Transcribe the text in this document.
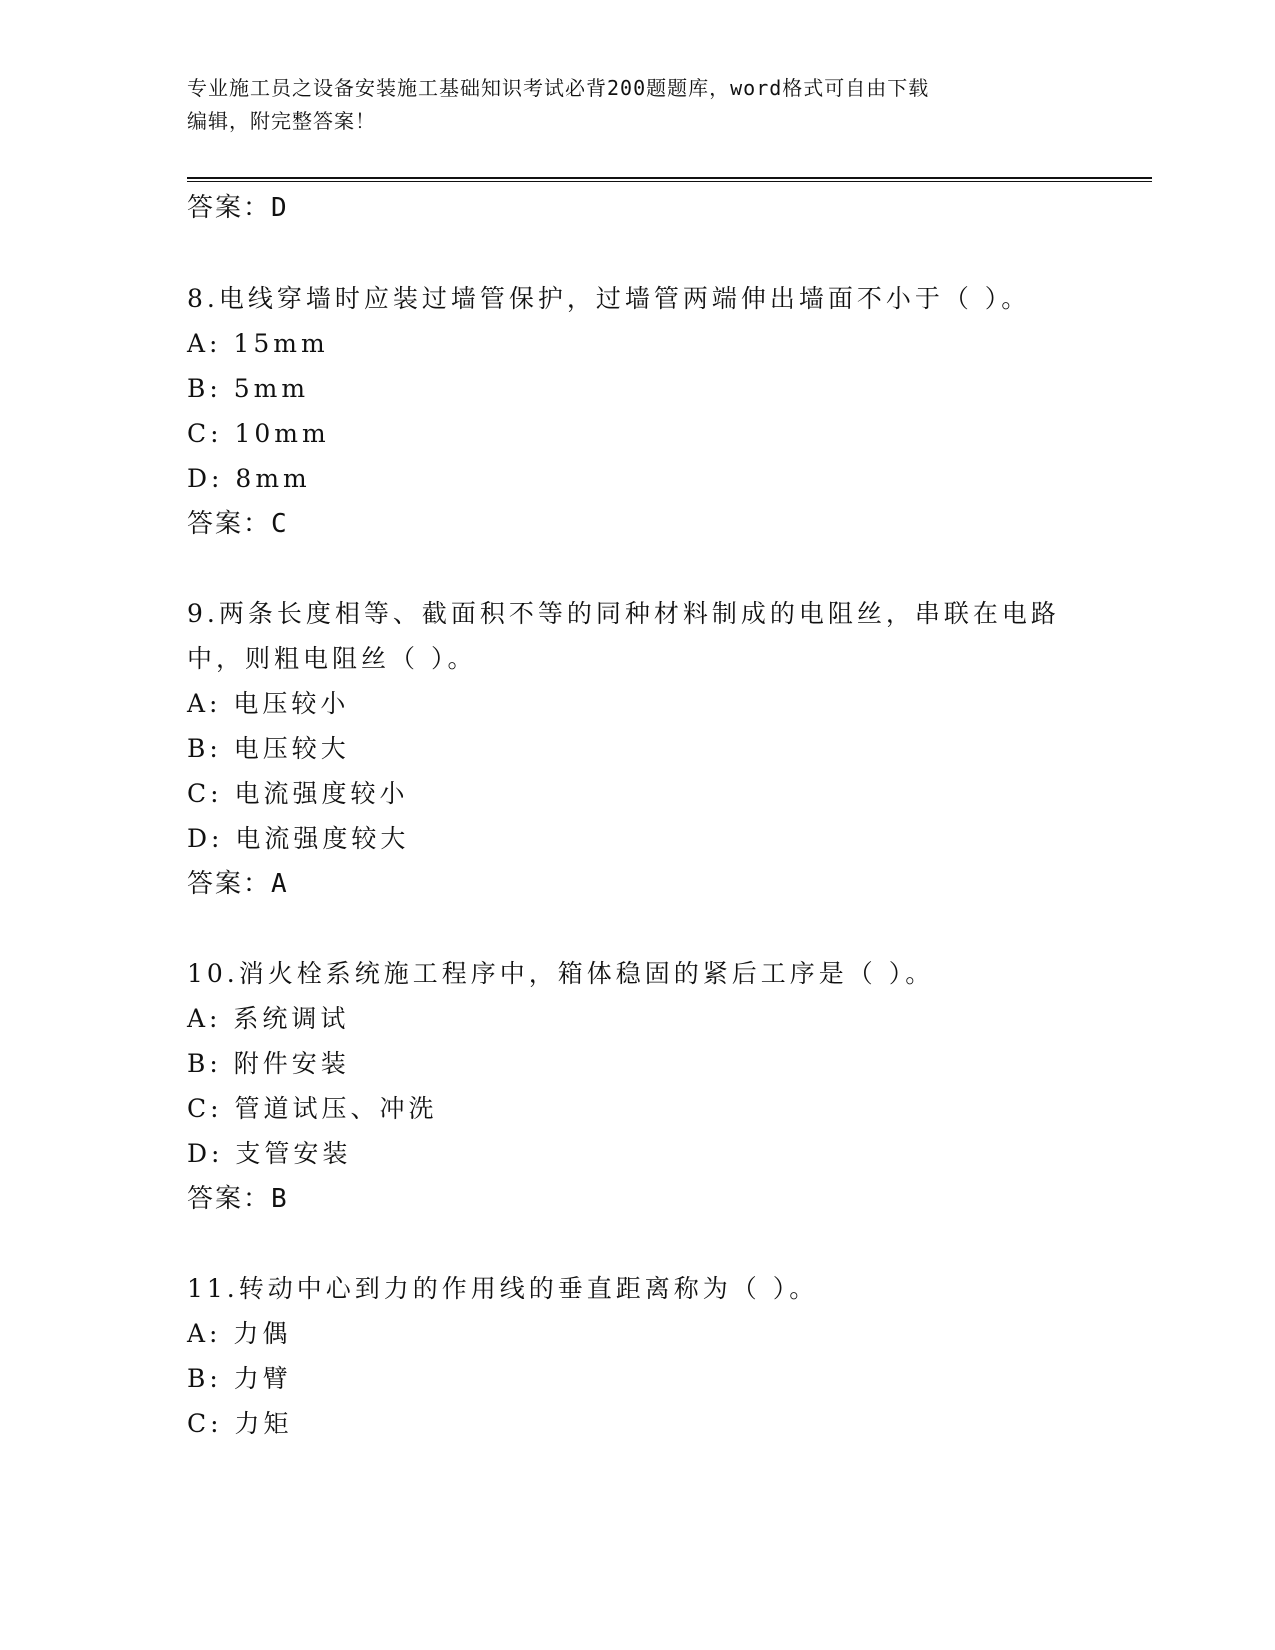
专业施工员之设备安装施工基础知识考试必背200题题库，word格式可自由下载
编辑，附完整答案！
答案：D
8.电线穿墙时应装过墙管保护，过墙管两端伸出墙面不小于（ ）。
A: 15mm
B: 5mm
C: 10mm
D: 8mm
答案：C
9.两条长度相等、截面积不等的同种材料制成的电阻丝，串联在电路
中，则粗电阻丝（ ）。
A: 电压较小
B: 电压较大
C: 电流强度较小
D: 电流强度较大
答案：A
10.消火栓系统施工程序中，箱体稳固的紧后工序是（ ）。
A: 系统调试
B: 附件安装
C: 管道试压、冲洗
D: 支管安装
答案：B
11.转动中心到力的作用线的垂直距离称为（ ）。
A: 力偶
B: 力臂
C: 力矩
